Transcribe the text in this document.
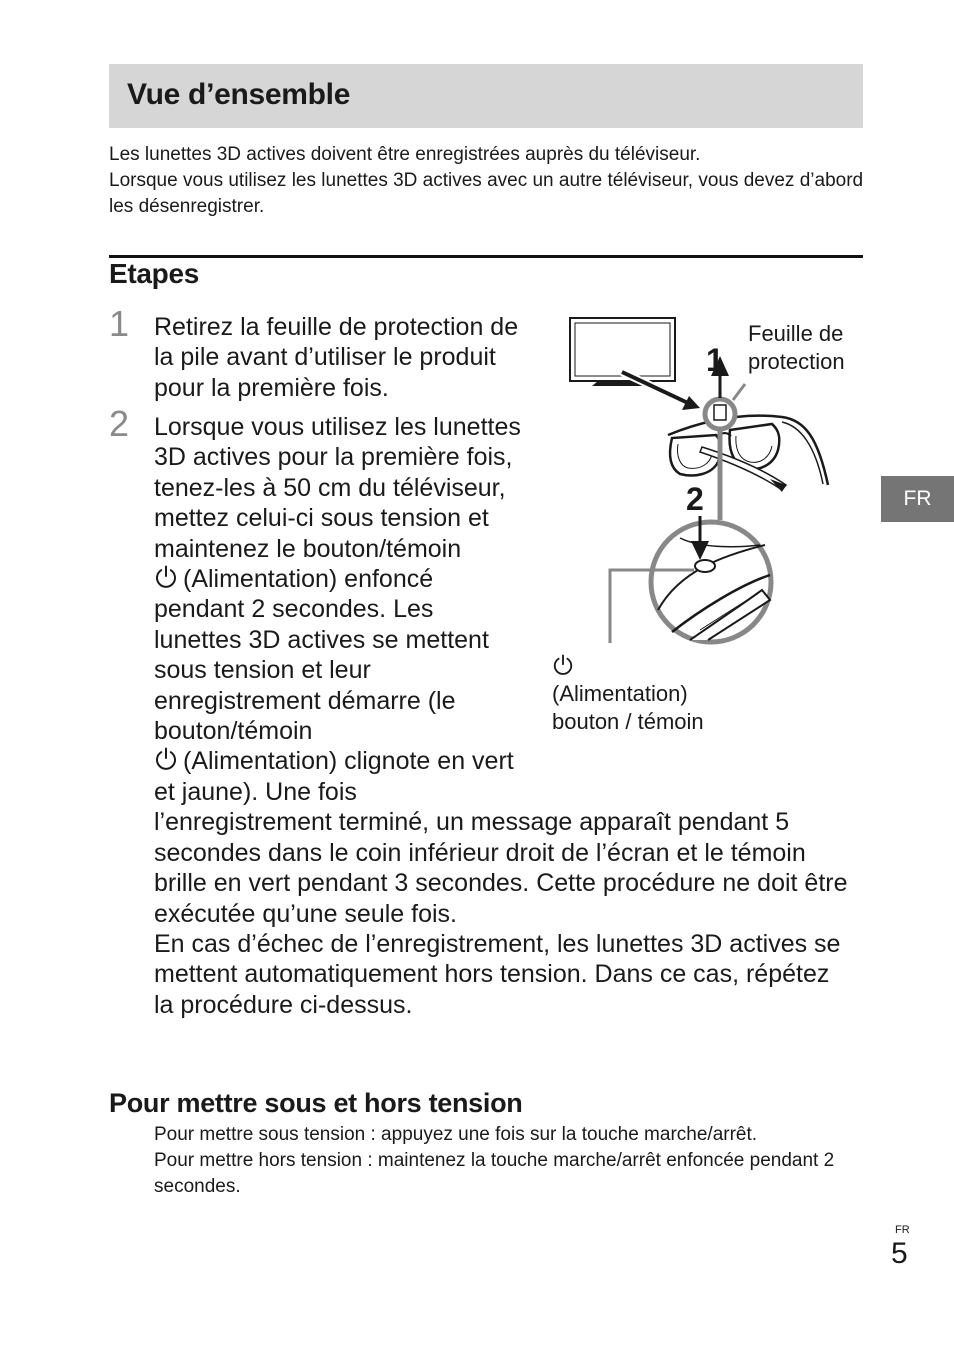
Vue d’ensemble

Les lunettes 3D actives doivent être enregistrées auprès du téléviseur.

Lorsque vous utilisez les lunettes 3D actives avec un autre téléviseur, vous devez d’abord les désenregistrer.

Etapes
1 Retirez la feuille de protection de la pile avant d’utiliser le produit pour la première fois.
2 Lorsque vous utilisez les lunettes 3D actives pour la première fois, tenez-les à 50 cm du téléviseur, mettez celui-ci sous tension et maintenez le bouton/témoin
(Alimentation) enfoncé pendant 2 secondes. Les lunettes 3D actives se mettent sous tension et leur enregistrement démarre (le bouton/témoin
(Alimentation) clignote en vert et jaune). Une fois
l’enregistrement terminé, un message apparaît pendant 5 secondes dans le coin inférieur droit de l’écran et le témoin brille en vert pendant 3 secondes. Cette procédure ne doit être exécutée qu’une seule fois.
En cas d’échec de l’enregistrement, les lunettes 3D actives se mettent automatiquement hors tension. Dans ce cas, répétez la procédure ci-dessus.
1
2
Feuille de protection
(Alimentation)
bouton / témoin
Pour mettre sous et hors tension

Pour mettre sous tension : appuyez une fois sur la touche marche/arrêt.

Pour mettre hors tension : maintenez la touche marche/arrêt enfoncée pendant 2 secondes.

FR
FR
5
